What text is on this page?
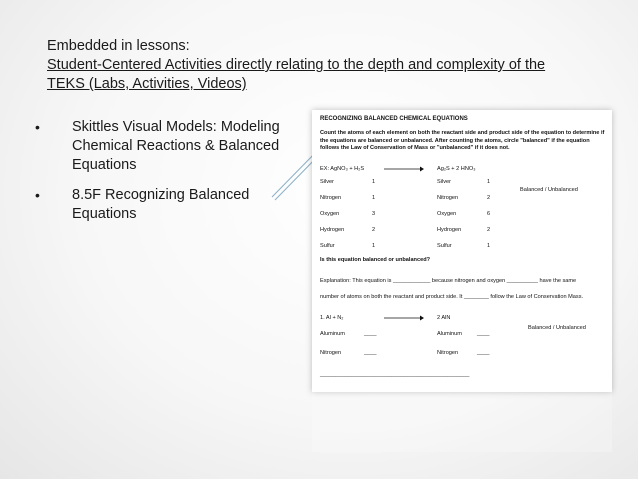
Embedded in lessons:
Student-Centered Activities directly relating to the depth and complexity of the
TEKS (Labs, Activities, Videos)
• Skittles Visual Models: Modeling Chemical Reactions & Balanced Equations
• 8.5F Recognizing Balanced Equations
RECOGNIZING BALANCED CHEMICAL EQUATIONS
Count the atoms of each element on both the reactant side and product side of the equation to determine if the equations are balanced or unbalanced. After counting the atoms, circle "balanced" if the equation follows the Law of Conservation of Mass or "unbalanced" if it does not.
EX: AgNO₃ + H₂S	Ag₂S + 2 HNO₃
Silver	1	Silver	1
Balanced / Unbalanced
Nitrogen	1	Nitrogen	2
Oxygen	3	Oxygen	6
Hydrogen	2	Hydrogen	2
Sulfur	1	Sulfur	1
Is this equation balanced or unbalanced?
Explanation: This equation is ____________ because nitrogen and oxygen __________ have the same
number of atoms on both the reactant and product side. It ________ follow the Law of Conservation Mass.
1. Al + N₂	2 AlN
Balanced / Unbalanced
Aluminum	____	Aluminum	____
Nitrogen	____	Nitrogen	____
________________________________________________
